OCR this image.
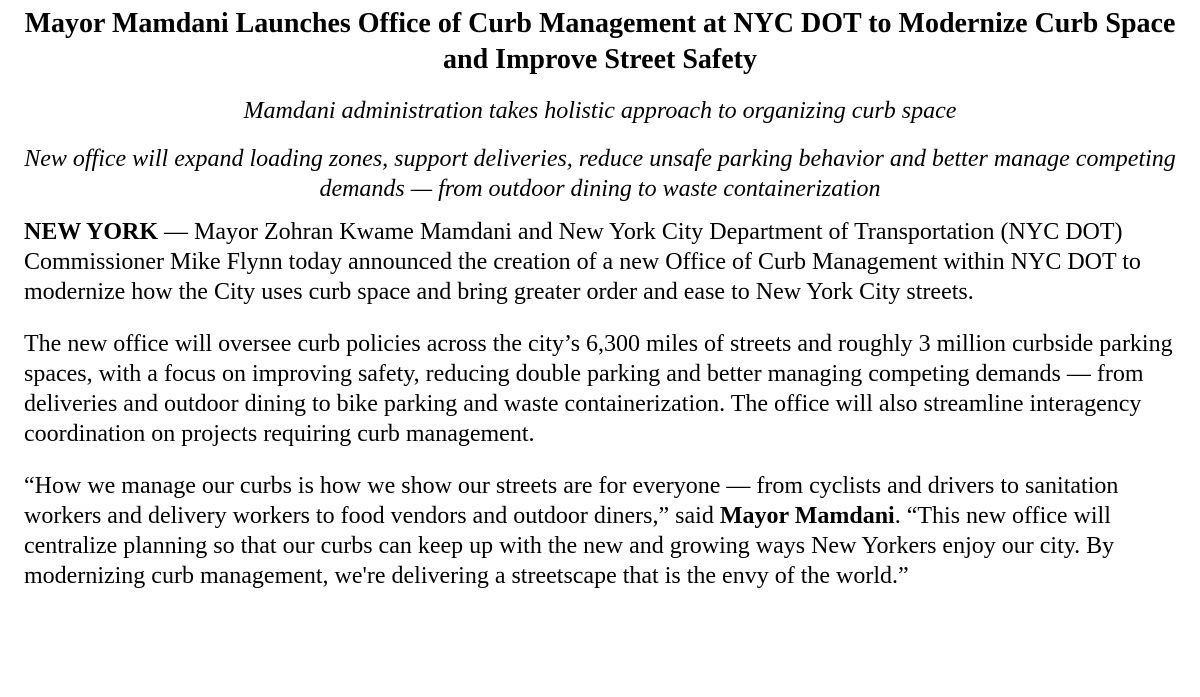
Mayor Mamdani Launches Office of Curb Management at NYC DOT to Modernize Curb Space and Improve Street Safety

Mamdani administration takes holistic approach to organizing curb space

New office will expand loading zones, support deliveries, reduce unsafe parking behavior and better manage competing demands — from outdoor dining to waste containerization

NEW YORK — Mayor Zohran Kwame Mamdani and New York City Department of Transportation (NYC DOT) Commissioner Mike Flynn today announced the creation of a new Office of Curb Management within NYC DOT to modernize how the City uses curb space and bring greater order and ease to New York City streets.

The new office will oversee curb policies across the city’s 6,300 miles of streets and roughly 3 million curbside parking spaces, with a focus on improving safety, reducing double parking and better managing competing demands — from deliveries and outdoor dining to bike parking and waste containerization. The office will also streamline interagency coordination on projects requiring curb management.

“How we manage our curbs is how we show our streets are for everyone — from cyclists and drivers to sanitation workers and delivery workers to food vendors and outdoor diners,” said Mayor Mamdani. “This new office will centralize planning so that our curbs can keep up with the new and growing ways New Yorkers enjoy our city. By modernizing curb management, we're delivering a streetscape that is the envy of the world.”
